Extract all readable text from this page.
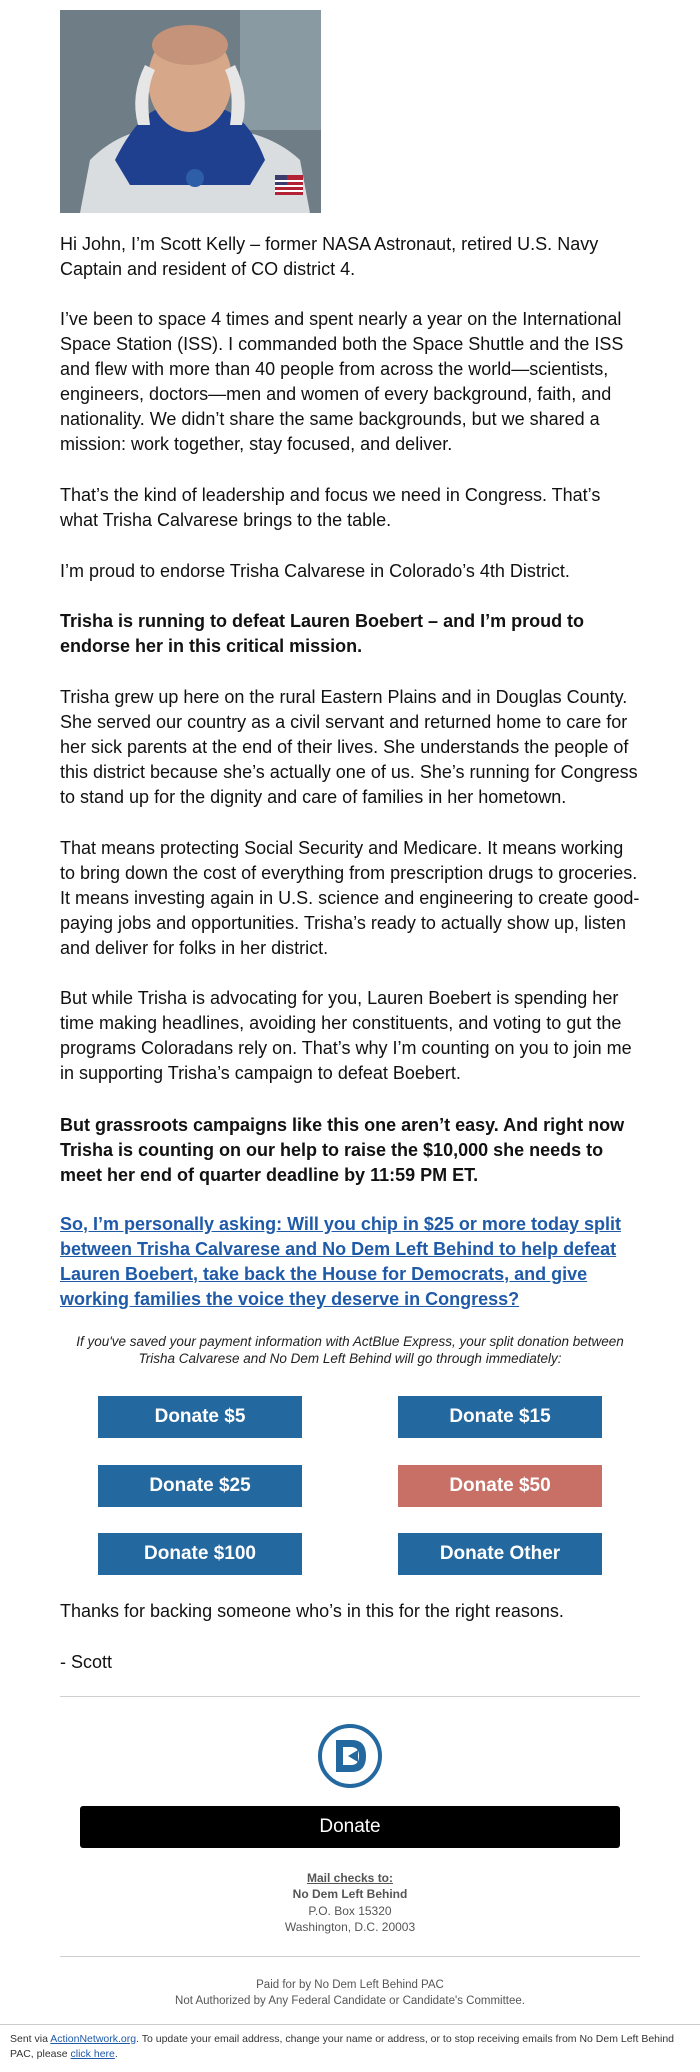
Hi John, I’m Scott Kelly – former NASA Astronaut, retired U.S. Navy Captain and resident of CO district 4.

I’ve been to space 4 times and spent nearly a year on the International Space Station (ISS). I commanded both the Space Shuttle and the ISS and flew with more than 40 people from across the world—scientists, engineers, doctors—men and women of every background, faith, and nationality. We didn’t share the same backgrounds, but we shared a mission: work together, stay focused, and deliver.

That’s the kind of leadership and focus we need in Congress. That’s what Trisha Calvarese brings to the table.

I’m proud to endorse Trisha Calvarese in Colorado’s 4th District.

Trisha is running to defeat Lauren Boebert – and I’m proud to endorse her in this critical mission.

Trisha grew up here on the rural Eastern Plains and in Douglas County. She served our country as a civil servant and returned home to care for her sick parents at the end of their lives. She understands the people of this district because she’s actually one of us. She’s running for Congress to stand up for the dignity and care of families in her hometown.

That means protecting Social Security and Medicare. It means working to bring down the cost of everything from prescription drugs to groceries. It means investing again in U.S. science and engineering to create good-paying jobs and opportunities. Trisha’s ready to actually show up, listen and deliver for folks in her district.

But while Trisha is advocating for you, Lauren Boebert is spending her time making headlines, avoiding her constituents, and voting to gut the programs Coloradans rely on. That’s why I’m counting on you to join me in supporting Trisha’s campaign to defeat Boebert.

But grassroots campaigns like this one aren’t easy. And right now Trisha is counting on our help to raise the $10,000 she needs to meet her end of quarter deadline by 11:59 PM ET.

So, I’m personally asking: Will you chip in $25 or more today split between Trisha Calvarese and No Dem Left Behind to help defeat Lauren Boebert, take back the House for Democrats, and give working families the voice they deserve in Congress?

If you've saved your payment information with ActBlue Express, your split donation between Trisha Calvarese and No Dem Left Behind will go through immediately:
Donate $5	Donate $15
Donate $25	Donate $50
Donate $100	Donate Other
Thanks for backing someone who’s in this for the right reasons.
- Scott
Donate
Mail checks to:
No Dem Left Behind
P.O. Box 15320
Washington, D.C. 20003
Paid for by No Dem Left Behind PAC
Not Authorized by Any Federal Candidate or Candidate's Committee.
Sent via ActionNetwork.org. To update your email address, change your name or address, or to stop receiving emails from No Dem Left Behind PAC, please click here.
